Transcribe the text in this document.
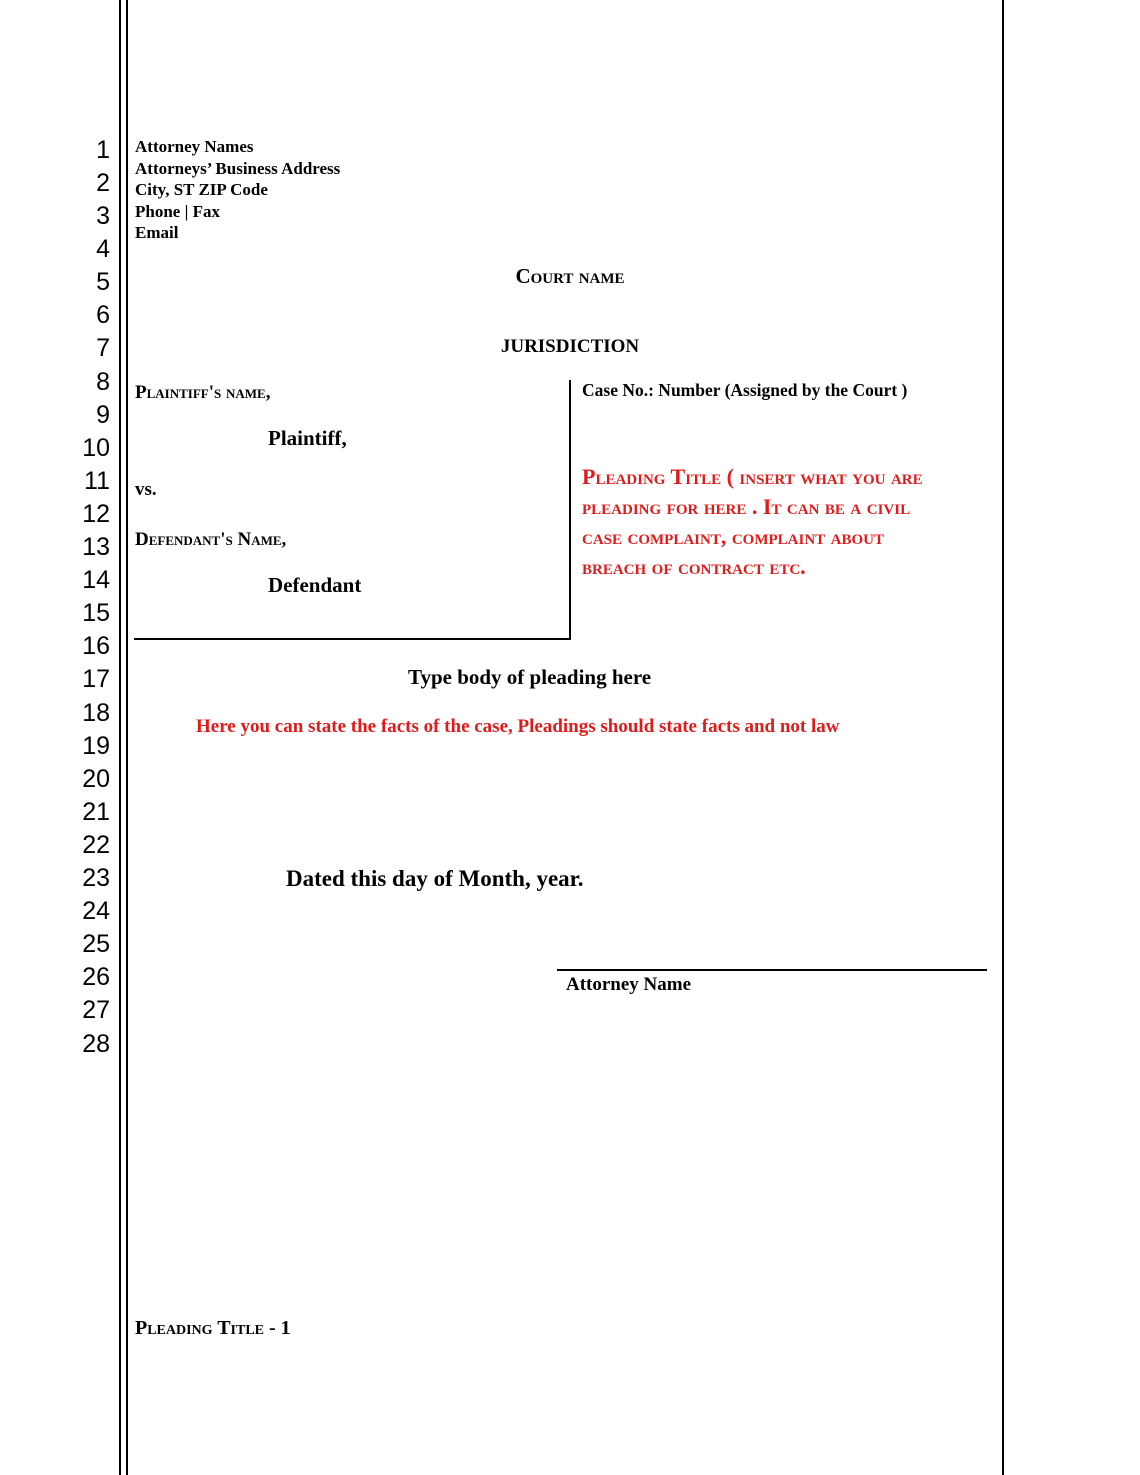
1
2
3
4
5
6
7
8
9
10
11
12
13
14
15
16
17
18
19
20
21
22
23
24
25
26
27
28
Attorney Names
Attorneys’ Business Address
City, ST ZIP Code
Phone | Fax
Email
Court name
JURISDICTION
Plaintiff's name,
Plaintiff,
vs.
Defendant's Name,
Defendant
Case No.: Number (Assigned by the Court )
Pleading Title ( insert what you are
pleading for here . It can be a civil
case complaint, complaint about
breach of contract etc.
Type body of pleading here
Here you can state the facts of the case, Pleadings should state facts and not law
Dated this day of Month, year.
Attorney Name
Pleading Title - 1
